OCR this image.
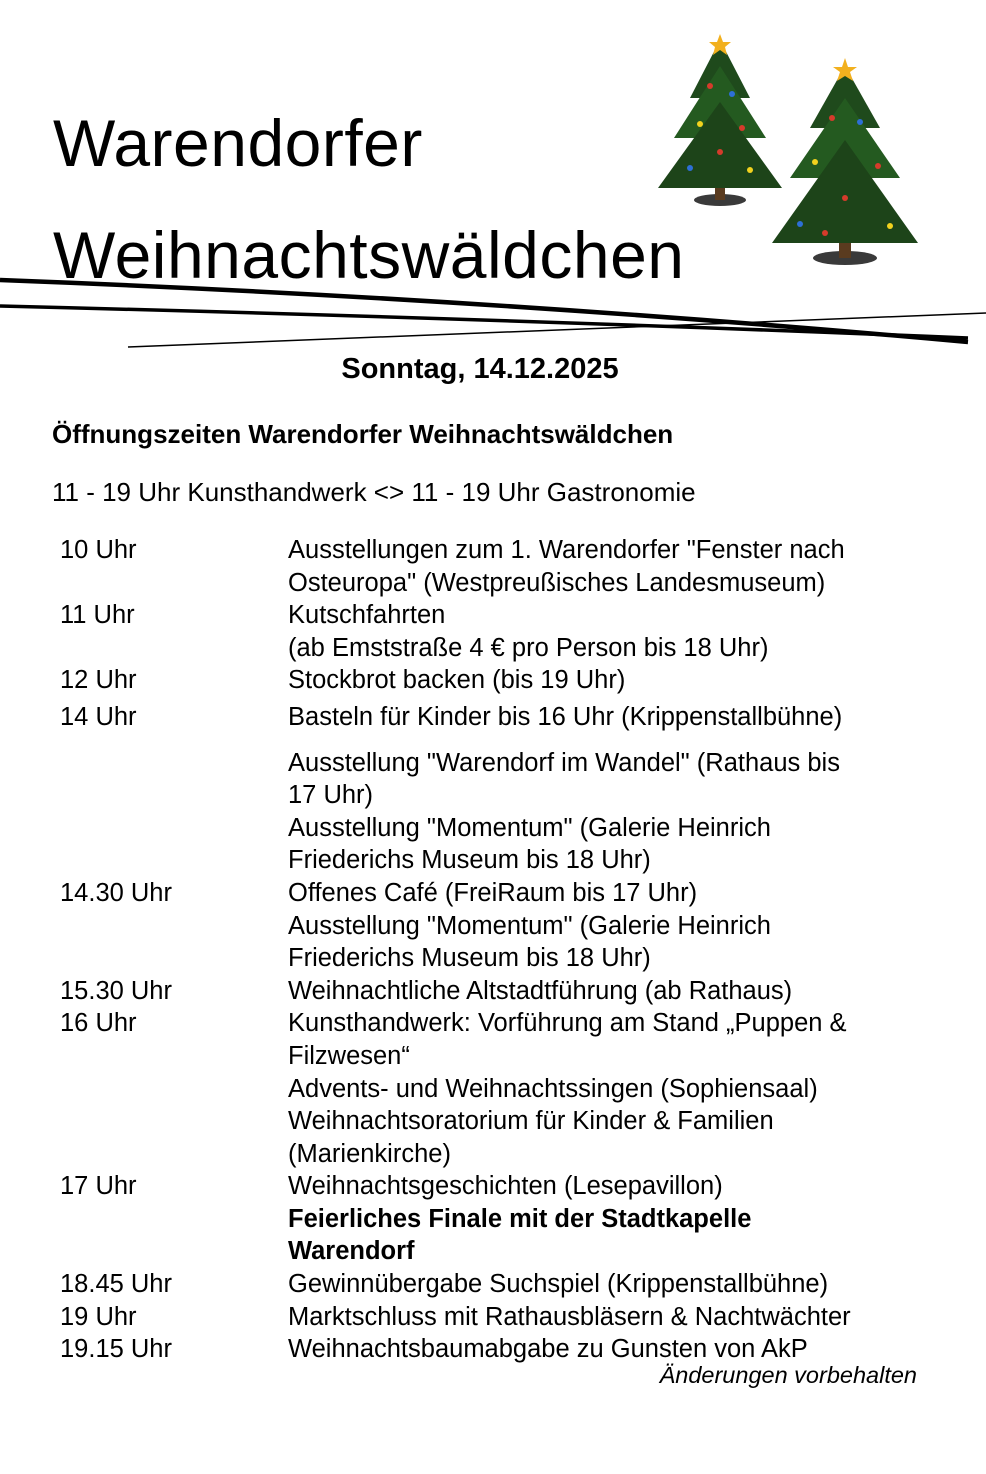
Warendorfer
Weihnachtswäldchen
Sonntag, 14.12.2025
Öffnungszeiten Warendorfer Weihnachtswäldchen
11 - 19 Uhr Kunsthandwerk <> 11 - 19 Uhr Gastronomie
10 Uhr	Ausstellungen zum 1. Warendorfer "Fenster nach
Osteuropa" (Westpreußisches Landesmuseum)
11 Uhr	Kutschfahrten
(ab Emststraße 4 € pro Person bis 18 Uhr)
12 Uhr	Stockbrot backen (bis 19 Uhr)
14 Uhr	Basteln für Kinder bis 16 Uhr (Krippenstallbühne)
Ausstellung "Warendorf im Wandel" (Rathaus bis
17 Uhr)
Ausstellung "Momentum" (Galerie Heinrich
Friederichs Museum bis 18 Uhr)
14.30 Uhr	Offenes Café (FreiRaum bis 17 Uhr)
Ausstellung "Momentum" (Galerie Heinrich
Friederichs Museum bis 18 Uhr)
15.30 Uhr	Weihnachtliche Altstadtführung (ab Rathaus)
16 Uhr	Kunsthandwerk: Vorführung am Stand „Puppen &
Filzwesen“
Advents- und Weihnachtssingen (Sophiensaal)
Weihnachtsoratorium für Kinder & Familien
(Marienkirche)
17 Uhr	Weihnachtsgeschichten (Lesepavillon)
Feierliches Finale mit der Stadtkapelle
Warendorf
18.45 Uhr	Gewinnübergabe Suchspiel (Krippenstallbühne)
19 Uhr	Marktschluss mit Rathausbläsern & Nachtwächter
19.15 Uhr	Weihnachtsbaumabgabe zu Gunsten von AkP
Änderungen vorbehalten
